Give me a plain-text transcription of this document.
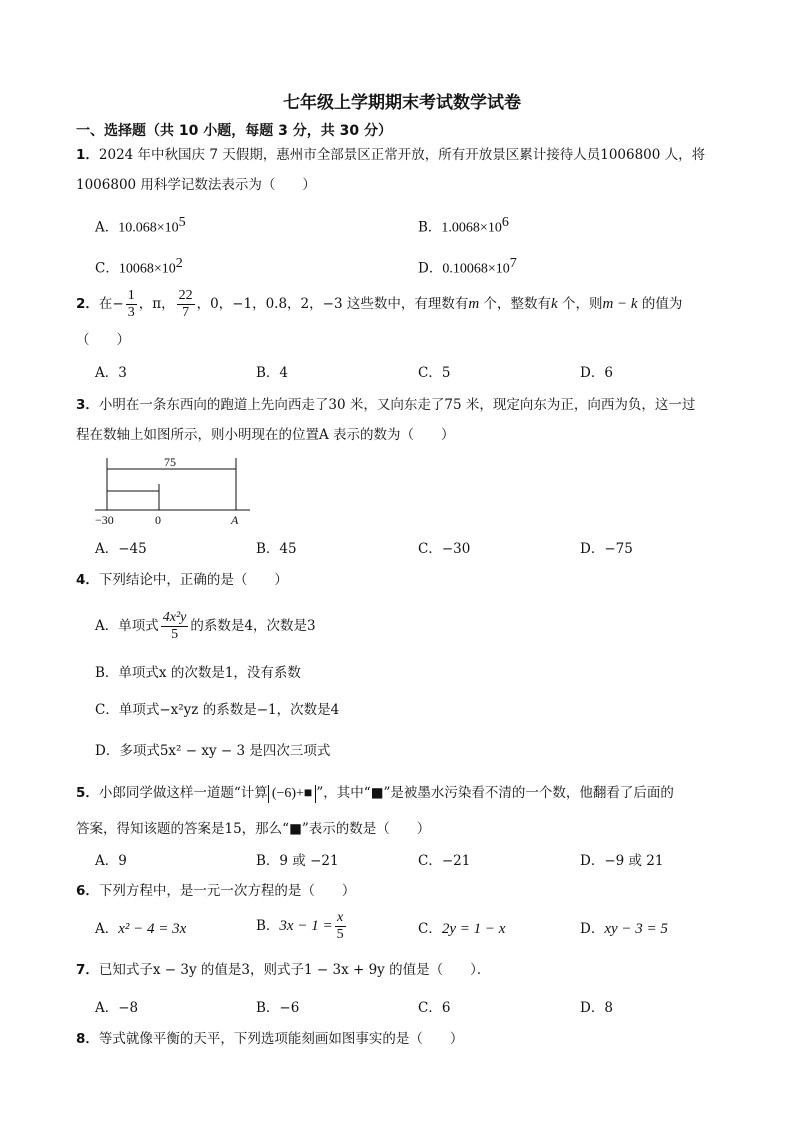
七年级上学期期末考试数学试卷
一、选择题（共 10 小题，每题 3 分，共 30 分）
1．2024 年中秋国庆 7 天假期，惠州市全部景区正常开放，所有开放景区累计接待人员1006800 人，将
1006800 用科学记数法表示为（　　）
A．$10.068\times 10^5$	B．$1.0068\times 10^6$
C．$10068\times 10^2$	D．$0.10068\times 10^7$
2．在− $\frac{1}{3}$ ，π， $\frac{22}{7}$ ，0，−1，0.8，2，−3 这些数中，有理数有m 个，整数有k 个，则m − k 的值为
（　　）
A．3	B．4	C．5	D．6
3．小明在一条东西向的跑道上先向西走了30 米，又向东走了75 米，现定向东为正，向西为负，这一过
程在数轴上如图所示，则小明现在的位置A 表示的数为（　　）
75
−30	0	A
A．−45	B．45	C．−30	D．−75
4．下列结论中，正确的是（　　）
A．单项式 $\frac{\text{4x²y}}{5}$ 的系数是4，次数是3
B．单项式x 的次数是1，没有系数
C．单项式−x²yz 的系数是−1，次数是4
D．多项式5x² − xy − 3 是四次三项式
5．小郎同学做这样一道题“计算 (−6)+■ ”，其中“■”是被墨水污染看不清的一个数，他翻看了后面的
答案，得知该题的答案是15，那么“■”表示的数是（　　）
A．9	B．9 或 −21	C．−21	D．−9 或 21
6．下列方程中，是一元一次方程的是（　　）
A．x² − 4 = 3x	B．$3x - 1 = \frac{x}{5}$	C．2y = 1 − x	D．xy − 3 = 5
7．已知式子x − 3y 的值是3，则式子1 − 3x + 9y 的值是（　　）．
A．−8	B．−6	C．6	D．8
8．等式就像平衡的天平，下列选项能刻画如图事实的是（　　）
